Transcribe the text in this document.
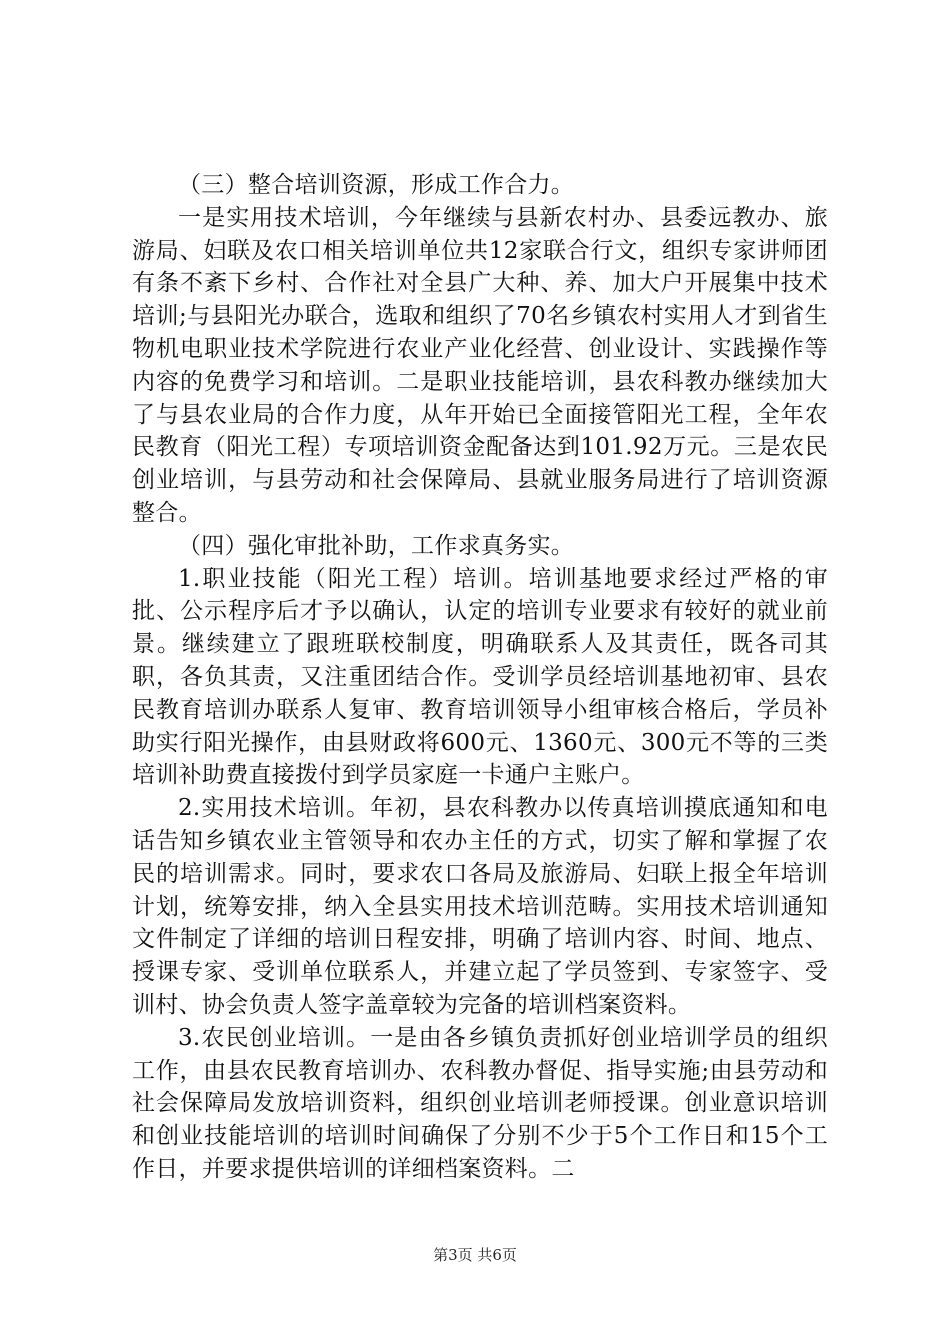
（三）整合培训资源，形成工作合力。

一是实用技术培训，今年继续与县新农村办、县委远教办、旅游局、妇联及农口相关培训单位共12家联合行文，组织专家讲师团有条不紊下乡村、合作社对全县广大种、养、加大户开展集中技术培训;与县阳光办联合，选取和组织了70名乡镇农村实用人才到省生物机电职业技术学院进行农业产业化经营、创业设计、实践操作等内容的免费学习和培训。二是职业技能培训，县农科教办继续加大了与县农业局的合作力度，从年开始已全面接管阳光工程，全年农民教育（阳光工程）专项培训资金配备达到101.92万元。三是农民创业培训，与县劳动和社会保障局、县就业服务局进行了培训资源整合。

（四）强化审批补助，工作求真务实。

1.职业技能（阳光工程）培训。培训基地要求经过严格的审批、公示程序后才予以确认，认定的培训专业要求有较好的就业前景。继续建立了跟班联校制度，明确联系人及其责任，既各司其职，各负其责，又注重团结合作。受训学员经培训基地初审、县农民教育培训办联系人复审、教育培训领导小组审核合格后，学员补助实行阳光操作，由县财政将600元、1360元、300元不等的三类培训补助费直接拨付到学员家庭一卡通户主账户。

2.实用技术培训。年初，县农科教办以传真培训摸底通知和电话告知乡镇农业主管领导和农办主任的方式，切实了解和掌握了农民的培训需求。同时，要求农口各局及旅游局、妇联上报全年培训计划，统筹安排，纳入全县实用技术培训范畴。实用技术培训通知文件制定了详细的培训日程安排，明确了培训内容、时间、地点、授课专家、受训单位联系人，并建立起了学员签到、专家签字、受训村、协会负责人签字盖章较为完备的培训档案资料。

3.农民创业培训。一是由各乡镇负责抓好创业培训学员的组织工作，由县农民教育培训办、农科教办督促、指导实施;由县劳动和社会保障局发放培训资料，组织创业培训老师授课。创业意识培训和创业技能培训的培训时间确保了分别不少于5个工作日和15个工作日，并要求提供培训的详细档案资料。二

第3页 共6页
